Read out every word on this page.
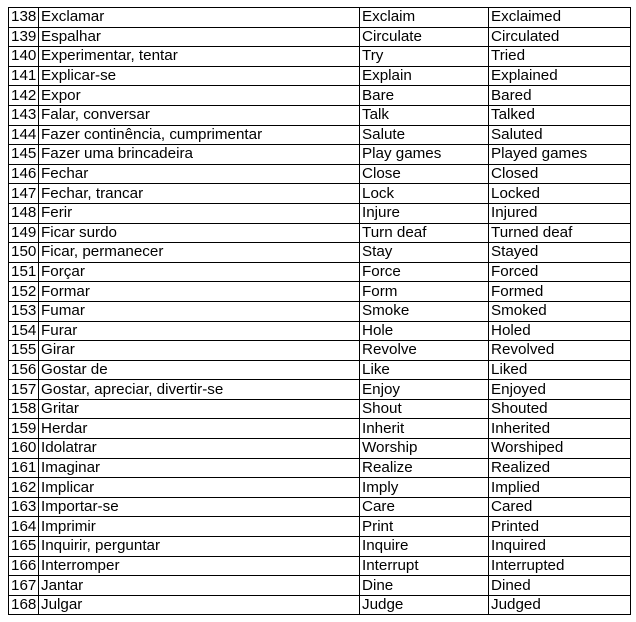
138	Exclamar	Exclaim	Exclaimed
139	Espalhar	Circulate	Circulated
140	Experimentar, tentar	Try	Tried
141	Explicar-se	Explain	Explained
142	Expor	Bare	Bared
143	Falar, conversar	Talk	Talked
144	Fazer continência, cumprimentar	Salute	Saluted
145	Fazer uma brincadeira	Play games	Played games
146	Fechar	Close	Closed
147	Fechar, trancar	Lock	Locked
148	Ferir	Injure	Injured
149	Ficar surdo	Turn deaf	Turned deaf
150	Ficar, permanecer	Stay	Stayed
151	Forçar	Force	Forced
152	Formar	Form	Formed
153	Fumar	Smoke	Smoked
154	Furar	Hole	Holed
155	Girar	Revolve	Revolved
156	Gostar de	Like	Liked
157	Gostar, apreciar, divertir-se	Enjoy	Enjoyed
158	Gritar	Shout	Shouted
159	Herdar	Inherit	Inherited
160	Idolatrar	Worship	Worshiped
161	Imaginar	Realize	Realized
162	Implicar	Imply	Implied
163	Importar-se	Care	Cared
164	Imprimir	Print	Printed
165	Inquirir, perguntar	Inquire	Inquired
166	Interromper	Interrupt	Interrupted
167	Jantar	Dine	Dined
168	Julgar	Judge	Judged
